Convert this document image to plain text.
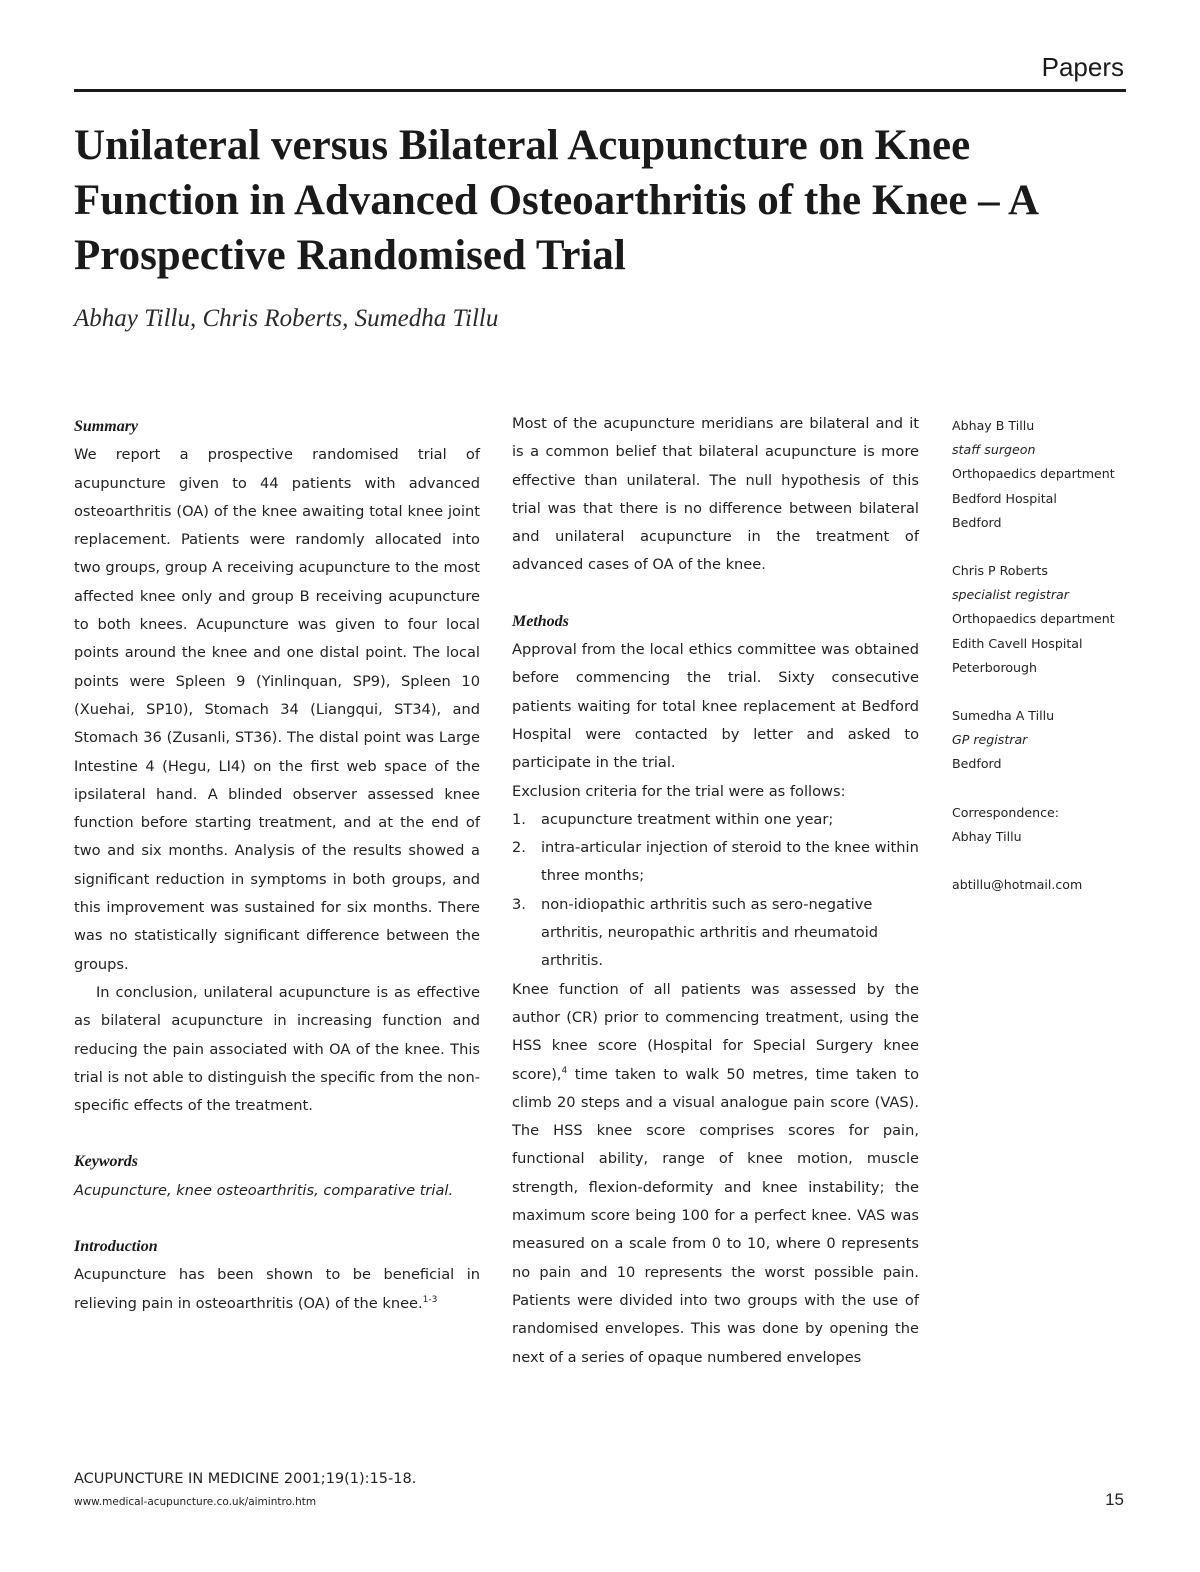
Papers
Unilateral versus Bilateral Acupuncture on Knee Function in Advanced Osteoarthritis of the Knee – A Prospective Randomised Trial
Abhay Tillu, Chris Roberts, Sumedha Tillu
Summary

We report a prospective randomised trial of acupuncture given to 44 patients with advanced osteoarthritis (OA) of the knee awaiting total knee joint replacement. Patients were randomly allocated into two groups, group A receiving acupuncture to the most affected knee only and group B receiving acupuncture to both knees. Acupuncture was given to four local points around the knee and one distal point. The local points were Spleen 9 (Yinlinquan, SP9), Spleen 10 (Xuehai, SP10), Stomach 34 (Liangqui, ST34), and Stomach 36 (Zusanli, ST36). The distal point was Large Intestine 4 (Hegu, LI4) on the first web space of the ipsilateral hand. A blinded observer assessed knee function before starting treatment, and at the end of two and six months. Analysis of the results showed a significant reduction in symptoms in both groups, and this improvement was sustained for six months. There was no statistically significant difference between the groups.

In conclusion, unilateral acupuncture is as effective as bilateral acupuncture in increasing function and reducing the pain associated with OA of the knee. This trial is not able to distinguish the specific from the non-specific effects of the treatment.

Keywords

Acupuncture, knee osteoarthritis, comparative trial.

Introduction

Acupuncture has been shown to be beneficial in relieving pain in osteoarthritis (OA) of the knee.$^{1-3}$

Most of the acupuncture meridians are bilateral and it is a common belief that bilateral acupuncture is more effective than unilateral. The null hypothesis of this trial was that there is no difference between bilateral and unilateral acupuncture in the treatment of advanced cases of OA of the knee.

Methods

Approval from the local ethics committee was obtained before commencing the trial. Sixty consecutive patients waiting for total knee replacement at Bedford Hospital were contacted by letter and asked to participate in the trial.

Exclusion criteria for the trial were as follows:

1. acupuncture treatment within one year;
2. intra-articular injection of steroid to the knee within three months;
3. non-idiopathic arthritis such as sero-negative arthritis, neuropathic arthritis and rheumatoid arthritis.

Knee function of all patients was assessed by the author (CR) prior to commencing treatment, using the HSS knee score (Hospital for Special Surgery knee score),$^4$ time taken to walk 50 metres, time taken to climb 20 steps and a visual analogue pain score (VAS). The HSS knee score comprises scores for pain, functional ability, range of knee motion, muscle strength, flexion-deformity and knee instability; the maximum score being 100 for a perfect knee. VAS was measured on a scale from 0 to 10, where 0 represents no pain and 10 represents the worst possible pain. Patients were divided into two groups with the use of randomised envelopes. This was done by opening the next of a series of opaque numbered envelopes

Abhay B Tillu
staff surgeon
Orthopaedics department
Bedford Hospital
Bedford
Chris P Roberts
specialist registrar
Orthopaedics department
Edith Cavell Hospital
Peterborough
Sumedha A Tillu
GP registrar
Bedford
Correspondence:
Abhay Tillu
abtillu@hotmail.com
ACUPUNCTURE IN MEDICINE 2001;19(1):15-18.
www.medical-acupuncture.co.uk/aimintro.htm	15
